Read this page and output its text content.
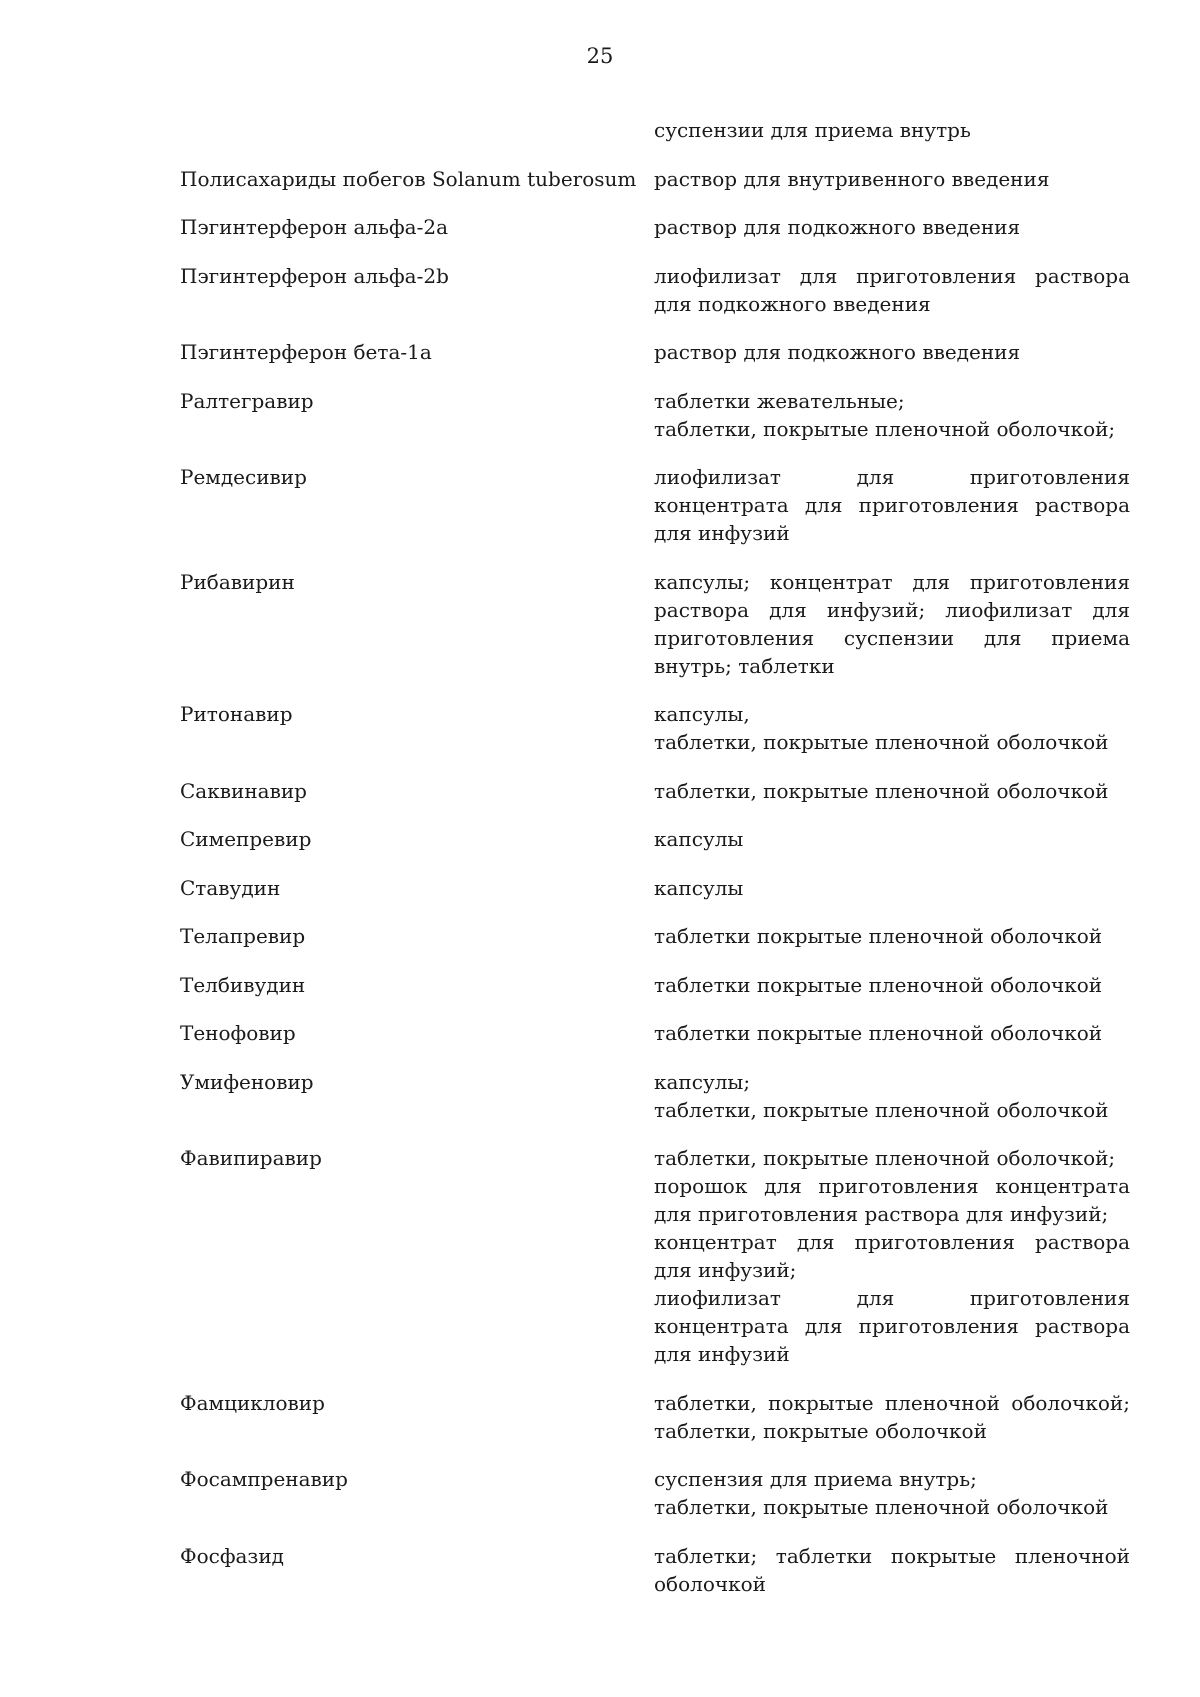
25

	суспензии для приема внутрь

Полисахариды побегов Solanum tuberosum	раствор для внутривенного введения

Пэгинтерферон альфа-2а	раствор для подкожного введения

Пэгинтерферон альфа-2b	лиофилизат для приготовления раствора для подкожного введения

Пэгинтерферон бета-1а	раствор для подкожного введения

Ралтегравир	таблетки жевательные;
таблетки, покрытые пленочной оболочкой;

Ремдесивир	лиофилизат для приготовления концентрата для приготовления раствора для инфузий

Рибавирин	капсулы; концентрат для приготовления раствора для инфузий; лиофилизат для приготовления суспензии для приема внутрь; таблетки

Ритонавир	капсулы,
таблетки, покрытые пленочной оболочкой

Саквинавир	таблетки, покрытые пленочной оболочкой

Симепревир	капсулы

Ставудин	капсулы

Телапревир	таблетки покрытые пленочной оболочкой

Телбивудин	таблетки покрытые пленочной оболочкой

Тенофовир	таблетки покрытые пленочной оболочкой

Умифеновир	капсулы;
таблетки, покрытые пленочной оболочкой

Фавипиравир	таблетки, покрытые пленочной оболочкой;
порошок для приготовления концентрата для приготовления раствора для инфузий;
концентрат для приготовления раствора для инфузий;
лиофилизат для приготовления концентрата для приготовления раствора для инфузий

Фамцикловир	таблетки, покрытые пленочной оболочкой; таблетки, покрытые оболочкой

Фосампренавир	суспензия для приема внутрь;
таблетки, покрытые пленочной оболочкой

Фосфазид	таблетки; таблетки покрытые пленочной оболочкой
